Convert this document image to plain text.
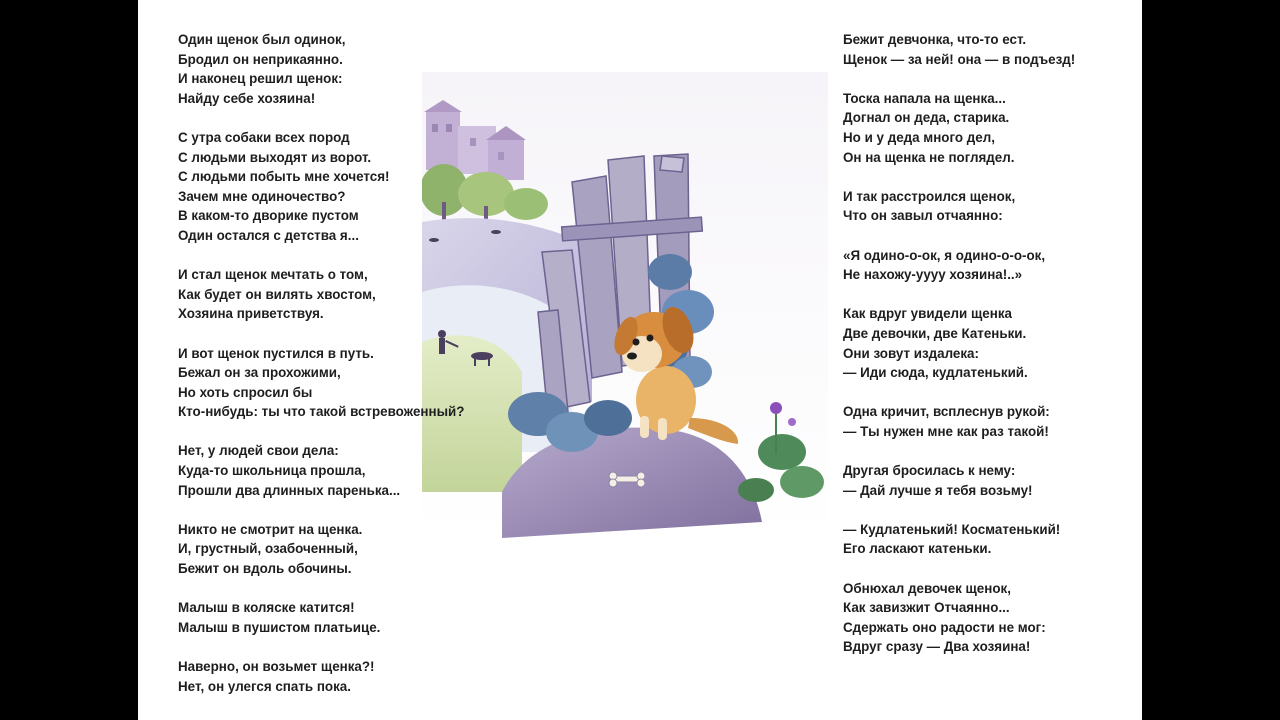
Один щенок был одинок,
Бродил он неприкаянно.
И наконец решил щенок:
Найду себе хозяина!
С утра собаки всех пород
С людьми выходят из ворот.
С людьми побыть мне хочется!
Зачем мне одиночество?
В каком-то дворике пустом
Один остался с детства я...
И стал щенок мечтать о том,
Как будет он вилять хвостом,
Хозяина приветствуя.
И вот щенок пустился в путь.
Бежал он за прохожими,
Но хоть спросил бы
Кто-нибудь: ты что такой встревоженный?
Нет, у людей свои дела:
Куда-то школьница прошла,
Прошли два длинных паренька...
Никто не смотрит на щенка.
И, грустный, озабоченный,
Бежит он вдоль обочины.
Малыш в коляске катится!
Малыш в пушистом платьице.
Наверно, он возьмет щенка?!
Нет, он улегся спать пока.
Бежит девчонка, что-то ест.
Щенок — за ней! она — в подъезд!
Тоска напала на щенка...
Догнал он деда, старика.
Но и у деда много дел,
Он на щенка не поглядел.
И так расстроился щенок,
Что он завыл отчаянно:
«Я одино-о-ок, я одино-о-о-ок,
Не нахожу-уууу хозяина!..»
Как вдруг увидели щенка
Две девочки, две Катеньки.
Они зовут издалека:
— Иди сюда, кудлатенький.
Одна кричит, всплеснув рукой:
— Ты нужен мне как раз такой!
Другая бросилась к нему:
— Дай лучше я тебя возьму!
— Кудлатенький! Косматенький!
Его ласкают катеньки.
Обнюхал девочек щенок,
Как завизжит Отчаянно...
Сдержать оно радости не мог:
Вдруг сразу — Два хозяина!
